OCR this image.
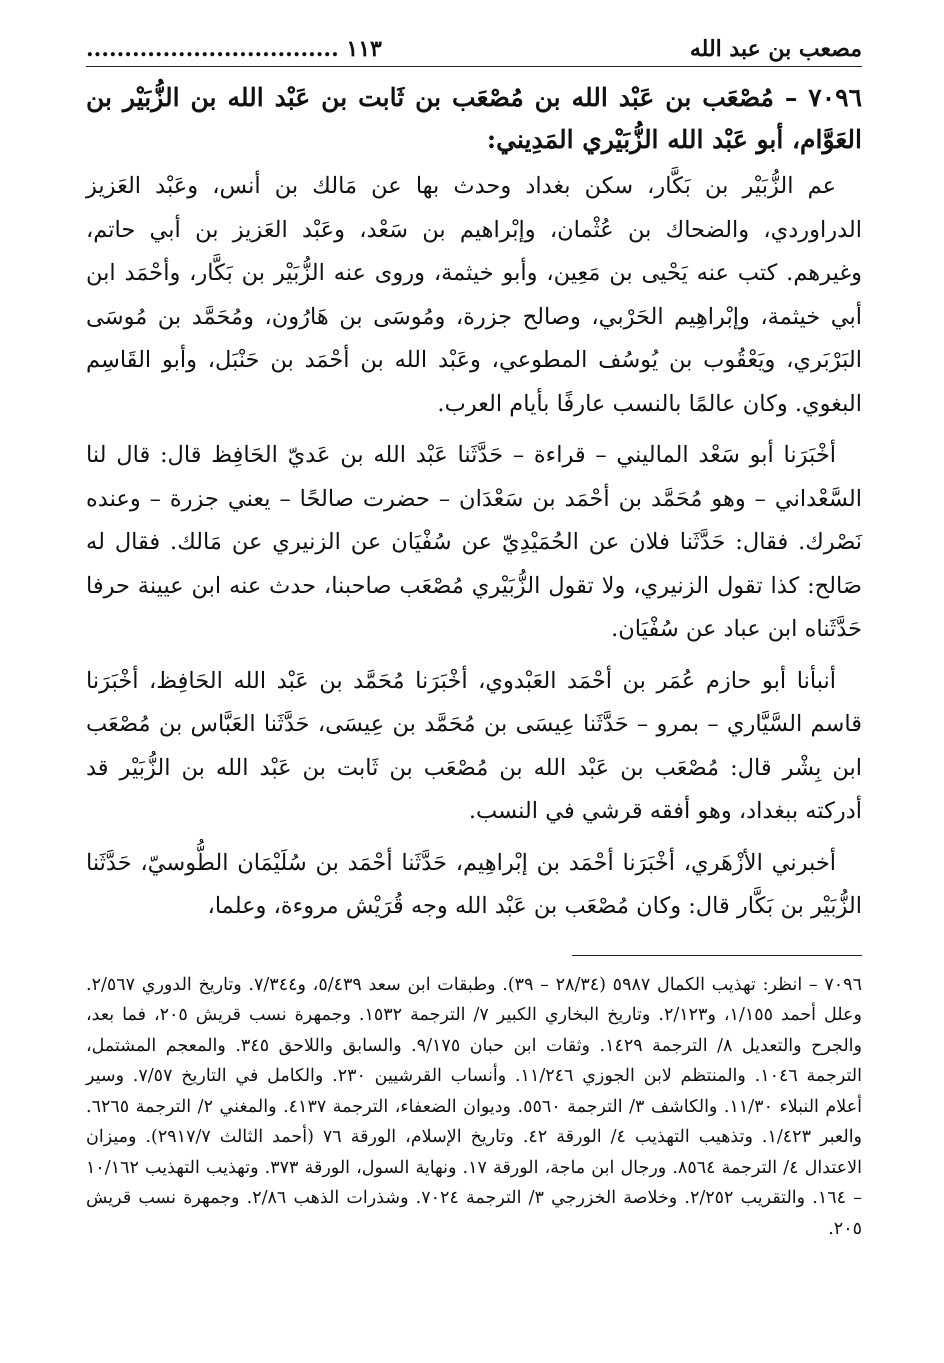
مصعب بن عبد الله
١١٣ .................................
٧٠٩٦ – مُصْعَب بن عَبْد الله بن مُصْعَب بن ثَابت بن عَبْد الله بن الزُّبَيْر بن العَوَّام، أبو عَبْد الله الزُّبَيْري المَدِيني:

عم الزُّبَيْر بن بَكَّار، سكن بغداد وحدث بها عن مَالك بن أنس، وعَبْد العَزيز الدراوردي، والضحاك بن عُثْمان، وإبْراهيم بن سَعْد، وعَبْد العَزيز بن أبي حاتم، وغيرهم. كتب عنه يَحْيى بن مَعِين، وأبو خيثمة، وروى عنه الزُّبَيْر بن بَكَّار، وأحْمَد ابن أبي خيثمة، وإبْراهِيم الحَرْبي، وصالح جزرة، ومُوسَى بن هَارُون، ومُحَمَّد بن مُوسَى البَرْبَري، ويَعْقُوب بن يُوسُف المطوعي، وعَبْد الله بن أحْمَد بن حَنْبَل، وأبو القَاسِم البغوي. وكان عالمًا بالنسب عارفًا بأيام العرب.

أخْبَرَنا أبو سَعْد الماليني – قراءة – حَدَّثَنا عَبْد الله بن عَديّ الحَافِظ قال: قال لنا السَّعْداني – وهو مُحَمَّد بن أحْمَد بن سَعْدَان – حضرت صالحًا – يعني جزرة – وعنده نَصْرك. فقال: حَدَّثَنا فلان عن الحُمَيْدِيّ عن سُفْيَان عن الزنيري عن مَالك. فقال له صَالح: كذا تقول الزنيري، ولا تقول الزُّبَيْري مُصْعَب صاحبنا، حدث عنه ابن عيينة حرفا حَدَّثَناه ابن عباد عن سُفْيَان.

أنبأنا أبو حازم عُمَر بن أحْمَد العَبْدوي، أخْبَرَنا مُحَمَّد بن عَبْد الله الحَافِظ، أخْبَرَنا قاسم السَّيَّاري – بمرو – حَدَّثَنا عِيسَى بن مُحَمَّد بن عِيسَى، حَدَّثَنا العَبَّاس بن مُصْعَب ابن بِشْر قال: مُصْعَب بن عَبْد الله بن مُصْعَب بن ثَابت بن عَبْد الله بن الزُّبَيْر قد أدركته ببغداد، وهو أفقه قرشي في النسب.

أخبرني الأزْهَري، أخْبَرَنا أحْمَد بن إبْراهِيم، حَدَّثَنا أحْمَد بن سُلَيْمَان الطُّوسيّ، حَدَّثَنا الزُّبَيْر بن بَكَّار قال: وكان مُصْعَب بن عَبْد الله وجه قُرَيْش مروءة، وعلما،

٧٠٩٦ – انظر: تهذيب الكمال ٥٩٨٧ (٢٨/٣٤ – ٣٩). وطبقات ابن سعد ٥/٤٣٩، و٧/٣٤٤. وتاريخ الدوري ٢/٥٦٧. وعلل أحمد ١/١٥٥، و٢/١٢٣. وتاريخ البخاري الكبير ٧/ الترجمة ١٥٣٢. وجمهرة نسب قريش ٢٠٥، فما بعد، والجرح والتعديل ٨/ الترجمة ١٤٢٩. وثقات ابن حبان ٩/١٧٥. والسابق واللاحق ٣٤٥. والمعجم المشتمل، الترجمة ١٠٤٦. والمنتظم لابن الجوزي ١١/٢٤٦. وأنساب القرشيين ٢٣٠. والكامل في التاريخ ٧/٥٧. وسير أعلام النبلاء ١١/٣٠. والكاشف ٣/ الترجمة ٥٥٦٠. وديوان الضعفاء، الترجمة ٤١٣٧. والمغني ٢/ الترجمة ٦٢٦٥. والعبر ١/٤٢٣. وتذهيب التهذيب ٤/ الورقة ٤٢. وتاريخ الإسلام، الورقة ٧٦ (أحمد الثالث ٢٩١٧/٧). وميزان الاعتدال ٤/ الترجمة ٨٥٦٤. ورجال ابن ماجة، الورقة ١٧. ونهاية السول، الورقة ٣٧٣. وتهذيب التهذيب ١٠/١٦٢ – ١٦٤. والتقريب ٢/٢٥٢. وخلاصة الخزرجي ٣/ الترجمة ٧٠٢٤. وشذرات الذهب ٢/٨٦. وجمهرة نسب قريش ٢٠٥.
